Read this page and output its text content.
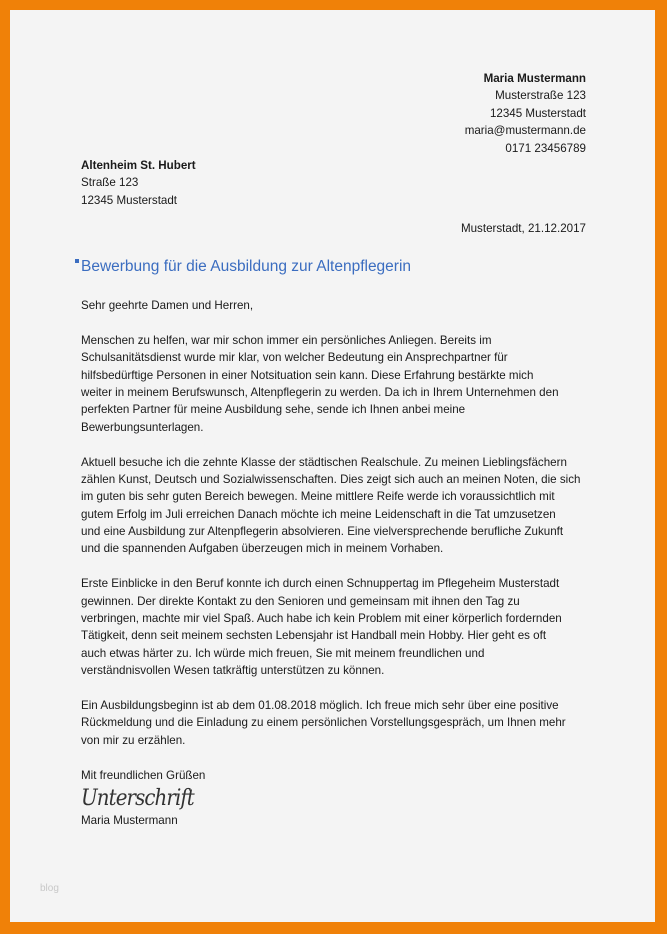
Maria Mustermann
Musterstraße 123
12345 Musterstadt
maria@mustermann.de
0171 23456789
Altenheim St. Hubert
Straße 123
12345 Musterstadt
Musterstadt, 21.12.2017
Bewerbung für die Ausbildung zur Altenpflegerin
Sehr geehrte Damen und Herren,
Menschen zu helfen, war mir schon immer ein persönliches Anliegen. Bereits im
Schulsanitätsdienst wurde mir klar, von welcher Bedeutung ein Ansprechpartner für
hilfsbedürftige Personen in einer Notsituation sein kann. Diese Erfahrung bestärkte mich
weiter in meinem Berufswunsch, Altenpflegerin zu werden. Da ich in Ihrem Unternehmen den
perfekten Partner für meine Ausbildung sehe, sende ich Ihnen anbei meine
Bewerbungsunterlagen.
Aktuell besuche ich die zehnte Klasse der städtischen Realschule. Zu meinen Lieblingsfächern
zählen Kunst, Deutsch und Sozialwissenschaften. Dies zeigt sich auch an meinen Noten, die sich
im guten bis sehr guten Bereich bewegen. Meine mittlere Reife werde ich voraussichtlich mit
gutem Erfolg im Juli erreichen Danach möchte ich meine Leidenschaft in die Tat umzusetzen
und eine Ausbildung zur Altenpflegerin absolvieren. Eine vielversprechende berufliche Zukunft
und die spannenden Aufgaben überzeugen mich in meinem Vorhaben.
Erste Einblicke in den Beruf konnte ich durch einen Schnuppertag im Pflegeheim Musterstadt
gewinnen. Der direkte Kontakt zu den Senioren und gemeinsam mit ihnen den Tag zu
verbringen, machte mir viel Spaß. Auch habe ich kein Problem mit einer körperlich fordernden
Tätigkeit, denn seit meinem sechsten Lebensjahr ist Handball mein Hobby. Hier geht es oft
auch etwas härter zu. Ich würde mich freuen, Sie mit meinem freundlichen und
verständnisvollen Wesen tatkräftig unterstützen zu können.
Ein Ausbildungsbeginn ist ab dem 01.08.2018 möglich. Ich freue mich sehr über eine positive
Rückmeldung und die Einladung zu einem persönlichen Vorstellungsgespräch, um Ihnen mehr
von mir zu erzählen.
Mit freundlichen Grüßen
Unterschrift
Maria Mustermann
blog
